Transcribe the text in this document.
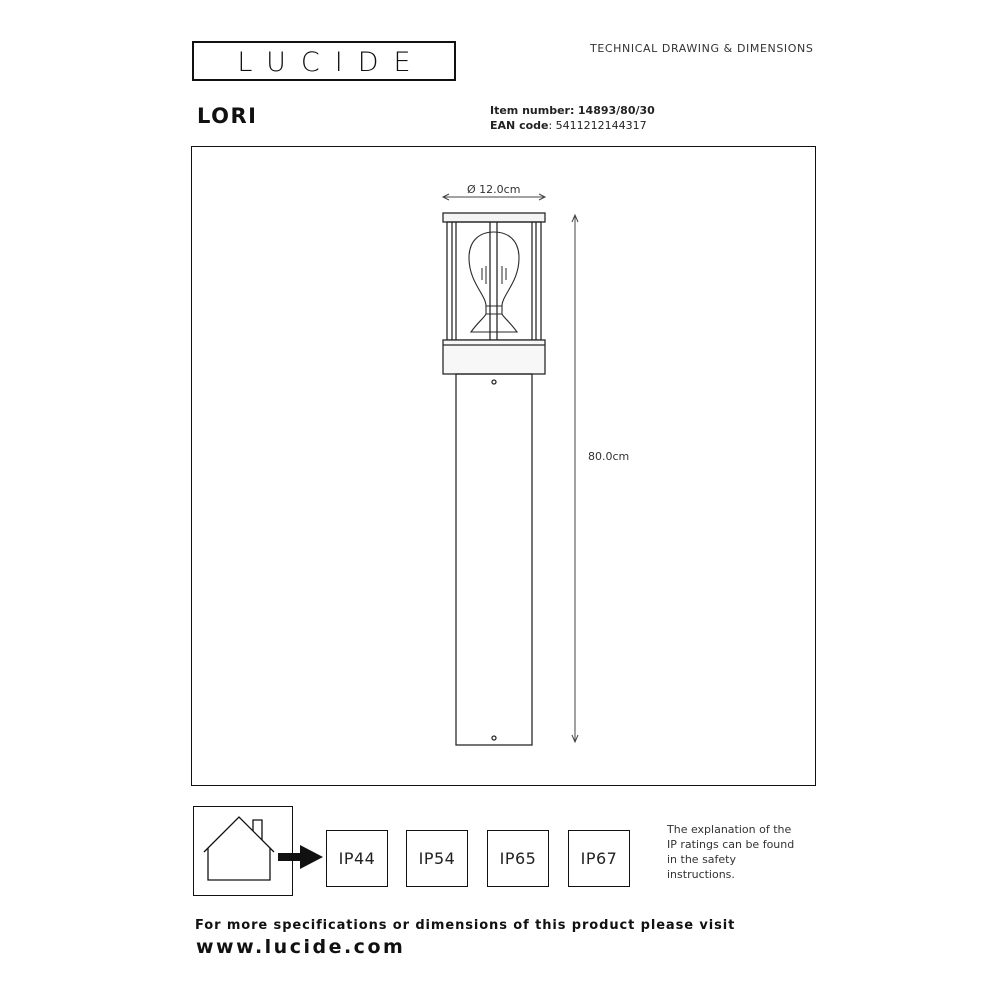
LUCIDE	TECHNICAL DRAWING & DIMENSIONS
LORI	Item number: 14893/80/30
EAN code: 5411212144317
Ø 12.0cm
80.0cm
IP44	IP54	IP65	IP67
The explanation of the
IP ratings can be found
in the safety
instructions.
For more specifications or dimensions of this product please visit
www.lucide.com
